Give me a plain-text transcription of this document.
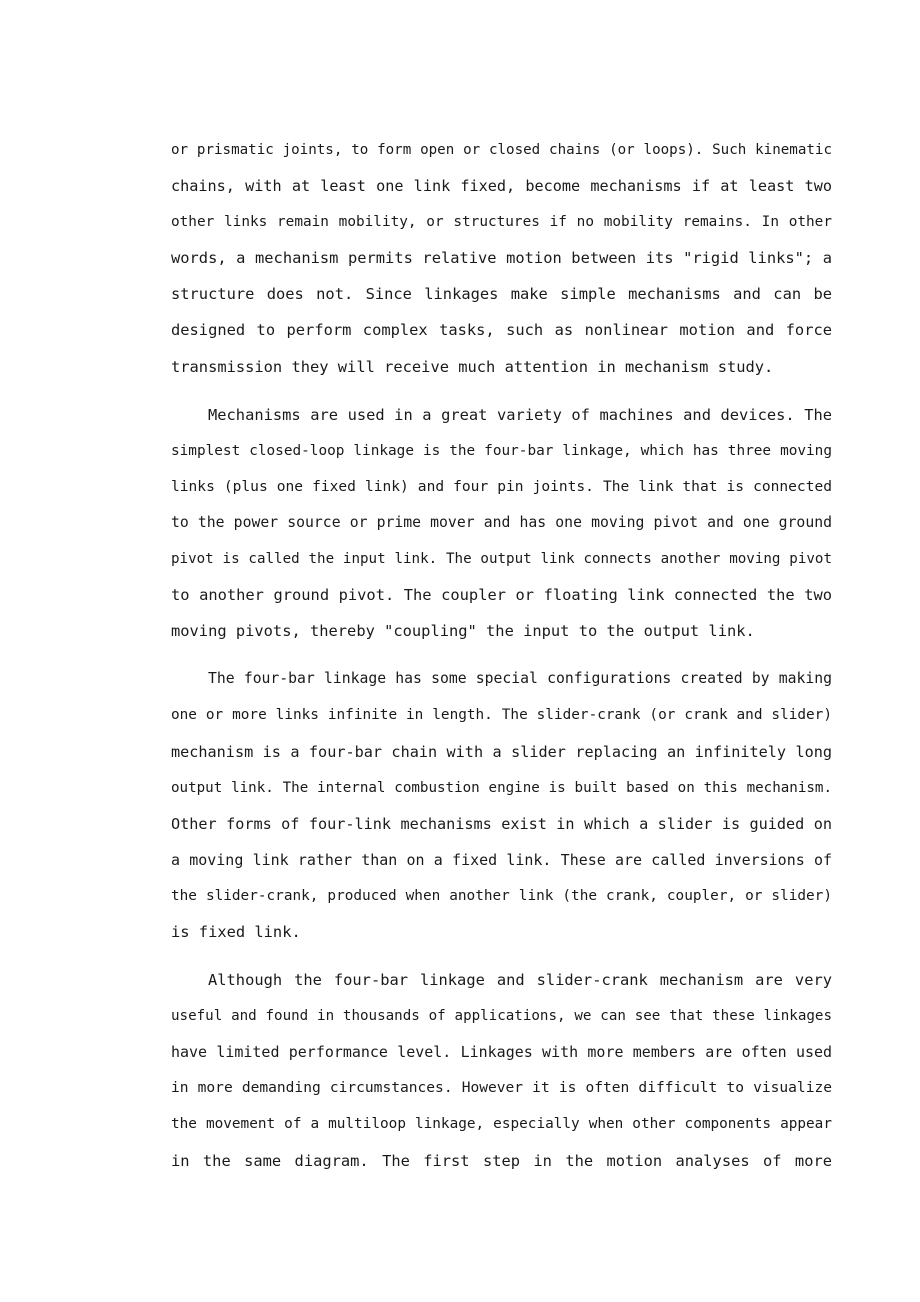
or prismatic joints, to form open or closed chains (or loops). Such kinematic
chains, with at least one link fixed, become mechanisms if at least two
other links remain mobility, or structures if no mobility remains. In other
words, a mechanism permits relative motion between its "rigid links"; a
structure does not. Since linkages make simple mechanisms and can be
designed to perform complex tasks, such as nonlinear motion and force
transmission they will receive much attention in mechanism study.
Mechanisms are used in a great variety of machines and devices. The
simplest closed-loop linkage is the four-bar linkage, which has three moving
links (plus one fixed link) and four pin joints. The link that is connected
to the power source or prime mover and has one moving pivot and one ground
pivot is called the input link. The output link connects another moving pivot
to another ground pivot. The coupler or floating link connected the two
moving pivots, thereby "coupling" the input to the output link.
The four-bar linkage has some special configurations created by making
one or more links infinite in length. The slider-crank (or crank and slider)
mechanism is a four-bar chain with a slider replacing an infinitely long
output link. The internal combustion engine is built based on this mechanism.
Other forms of four-link mechanisms exist in which a slider is guided on
a moving link rather than on a fixed link. These are called inversions of
the slider-crank, produced when another link (the crank, coupler, or slider)
is fixed link.
Although the four-bar linkage and slider-crank mechanism are very
useful and found in thousands of applications, we can see that these linkages
have limited performance level. Linkages with more members are often used
in more demanding circumstances. However it is often difficult to visualize
the movement of a multiloop linkage, especially when other components appear
in the same diagram. The first step in the motion analyses of more
